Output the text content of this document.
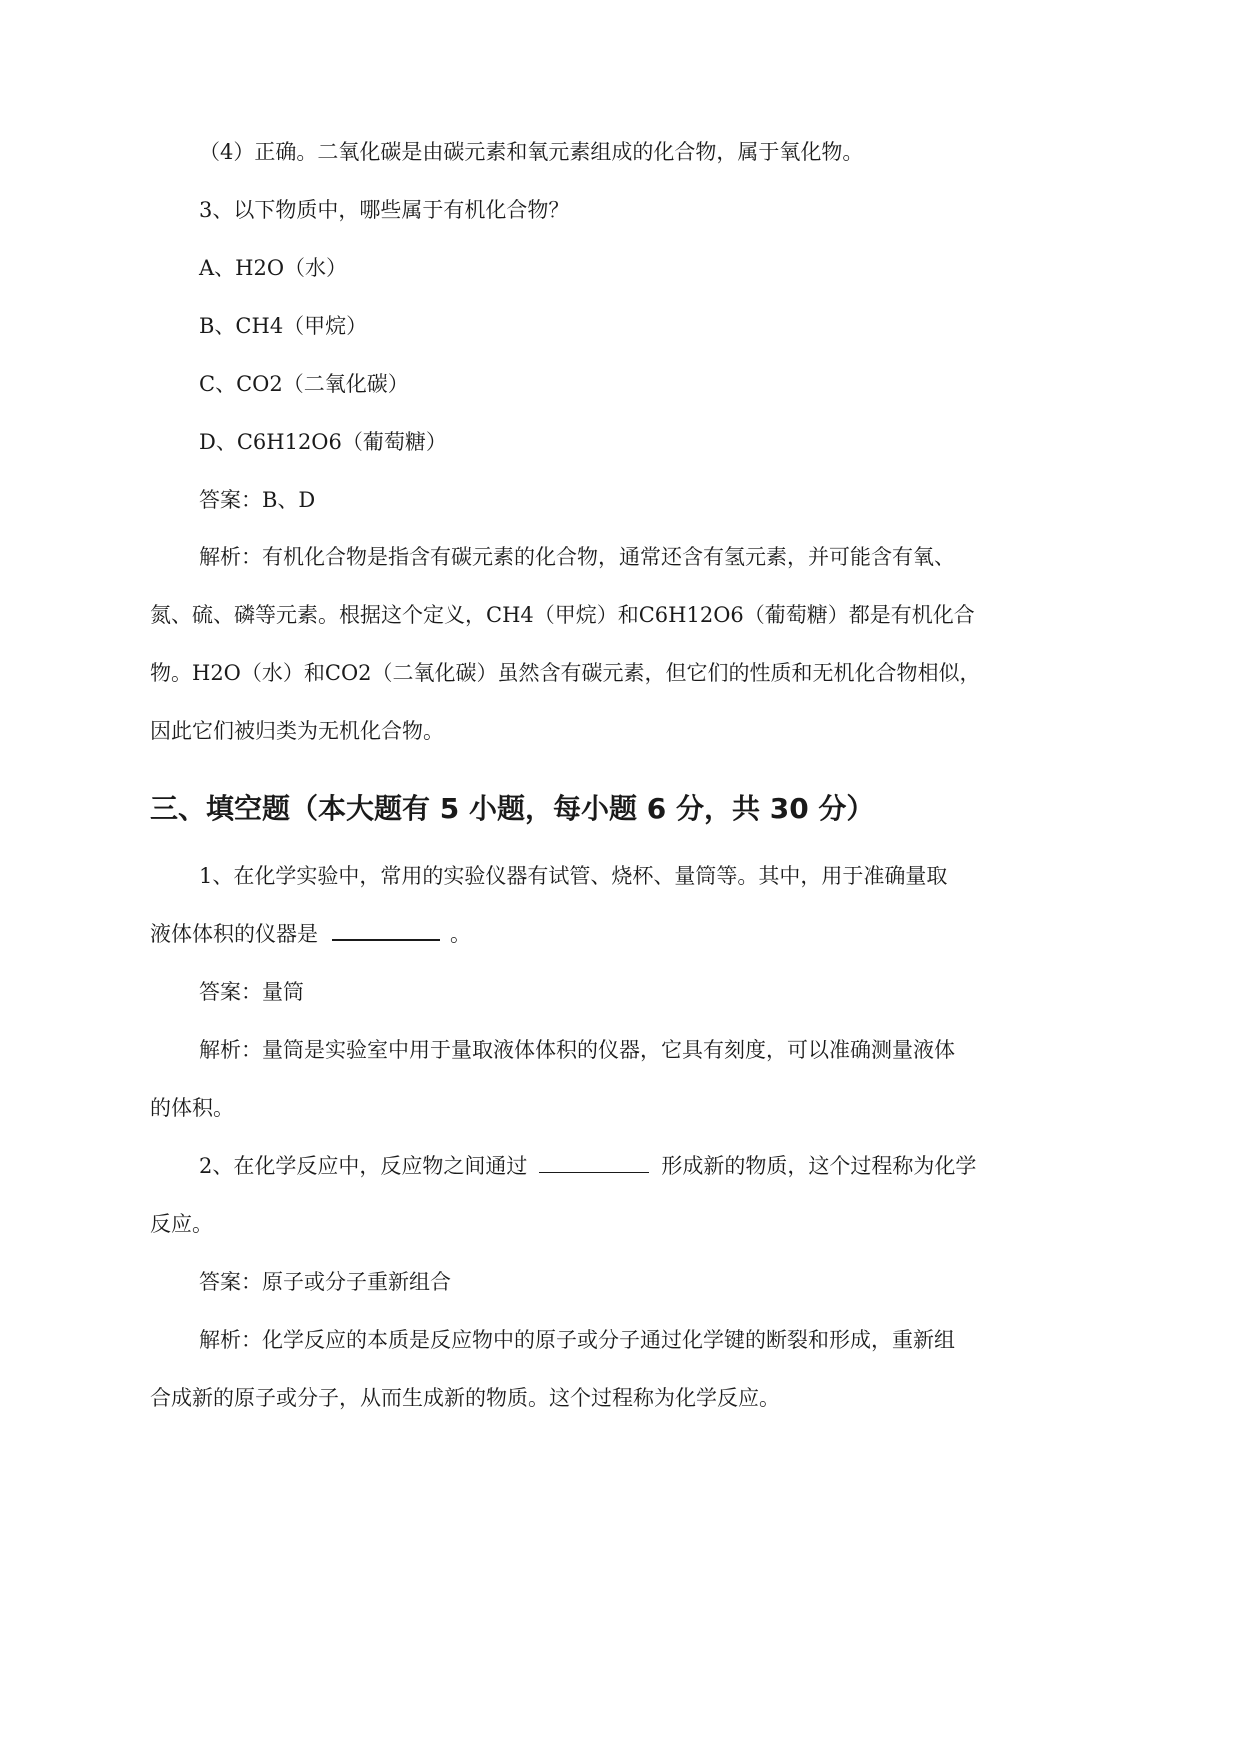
（4）正确。二氧化碳是由碳元素和氧元素组成的化合物，属于氧化物。
3、以下物质中，哪些属于有机化合物？
A、H2O（水）
B、CH4（甲烷）
C、CO2（二氧化碳）
D、C6H12O6（葡萄糖）
答案：B、D
解析：有机化合物是指含有碳元素的化合物，通常还含有氢元素，并可能含有氧、
氮、硫、磷等元素。根据这个定义，CH4（甲烷）和C6H12O6（葡萄糖）都是有机化合
物。H2O（水）和CO2（二氧化碳）虽然含有碳元素，但它们的性质和无机化合物相似，
因此它们被归类为无机化合物。
三、填空题（本大题有 5 小题，每小题 6 分，共 30 分）
1、在化学实验中，常用的实验仪器有试管、烧杯、量筒等。其中，用于准确量取
液体体积的仪器是	。
答案：量筒
解析：量筒是实验室中用于量取液体体积的仪器，它具有刻度，可以准确测量液体
的体积。
2、在化学反应中，反应物之间通过	形成新的物质，这个过程称为化学
反应。
答案：原子或分子重新组合
解析：化学反应的本质是反应物中的原子或分子通过化学键的断裂和形成，重新组
合成新的原子或分子，从而生成新的物质。这个过程称为化学反应。
